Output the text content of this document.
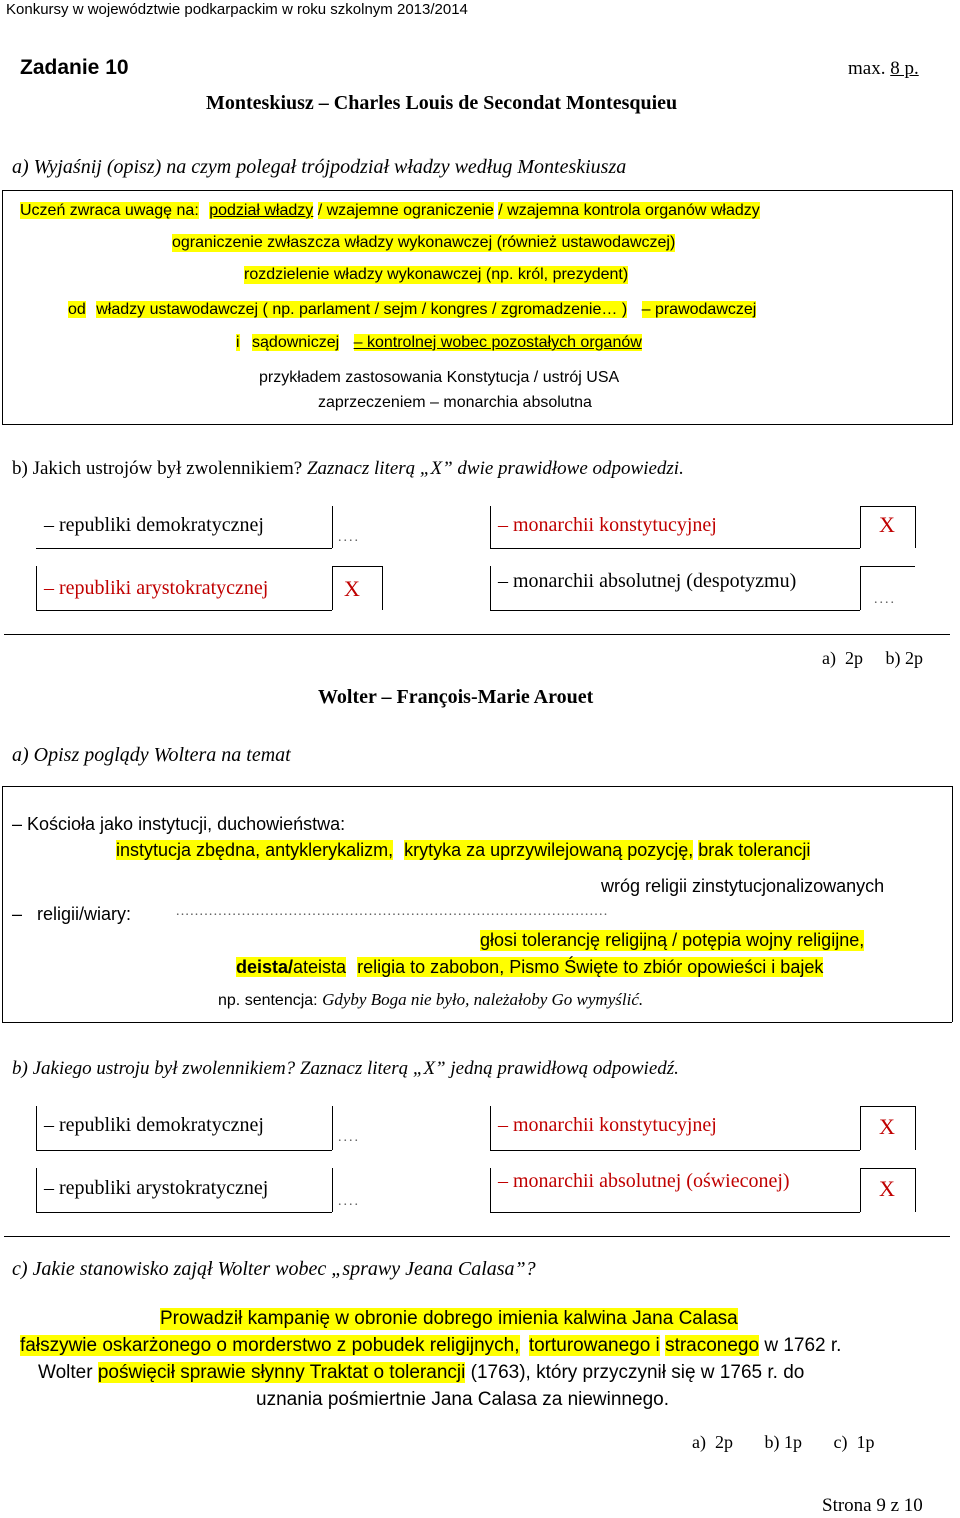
Konkursy w województwie podkarpackim w roku szkolnym 2013/2014
Zadanie 10	max. 8 p.
Monteskiusz – Charles Louis de Secondat Montesquieu
a) Wyjaśnij (opisz) na czym polegał trójpodział władzy według Monteskiusza
Uczeń zwraca uwagę na: podział władzy / wzajemne ograniczenie / wzajemna kontrola organów władzy
ograniczenie zwłaszcza władzy wykonawczej (również ustawodawczej)
rozdzielenie władzy wykonawczej (np. król, prezydent)
od władzy ustawodawczej ( np. parlament / sejm / kongres / zgromadzenie… ) – prawodawczej
i sądowniczej – kontrolnej wobec pozostałych organów
przykładem zastosowania Konstytucja / ustrój USA
zaprzeczeniem – monarchia absolutna
b) Jakich ustrojów był zwolennikiem? Zaznacz literą „X” dwie prawidłowe odpowiedzi.
– republiki demokratycznej
....
– republiki arystokratycznej	X
– monarchii konstytucyjnej	X
– monarchii absolutnej (despotyzmu)
....
a)  2p     b) 2p
Wolter – François-Marie Arouet
a) Opisz poglądy Woltera na temat
– Kościoła jako instytucji, duchowieństwa:
instytucja zbędna, antyklerykalizm, krytyka za uprzywilejowaną pozycję, brak tolerancji
wróg religii zinstytucjonalizowanych
–   religii/wiary:	............................................................................................
głosi tolerancję religijną / potępia wojny religijne,
deista/ateista religia to zabobon, Pismo Święte to zbiór opowieści i bajek
np. sentencja: Gdyby Boga nie było, należałoby Go wymyślić.
b) Jakiego ustroju był zwolennikiem? Zaznacz literą „X” jedną prawidłową odpowiedź.
– republiki demokratycznej
....
– republiki arystokratycznej
....
– monarchii konstytucyjnej	X
– monarchii absolutnej (oświeconej)	X
c) Jakie stanowisko zajął Wolter wobec „sprawy Jeana Calasa”?
Prowadził kampanię w obronie dobrego imienia kalwina Jana Calasa
fałszywie oskarżonego o morderstwo z pobudek religijnych, torturowanego i straconego w 1762 r.
Wolter poświęcił sprawie słynny Traktat o tolerancji (1763), który przyczynił się w 1765 r. do
uznania pośmiertnie Jana Calasa za niewinnego.
a)  2p       b) 1p       c)  1p
Strona 9 z 10
